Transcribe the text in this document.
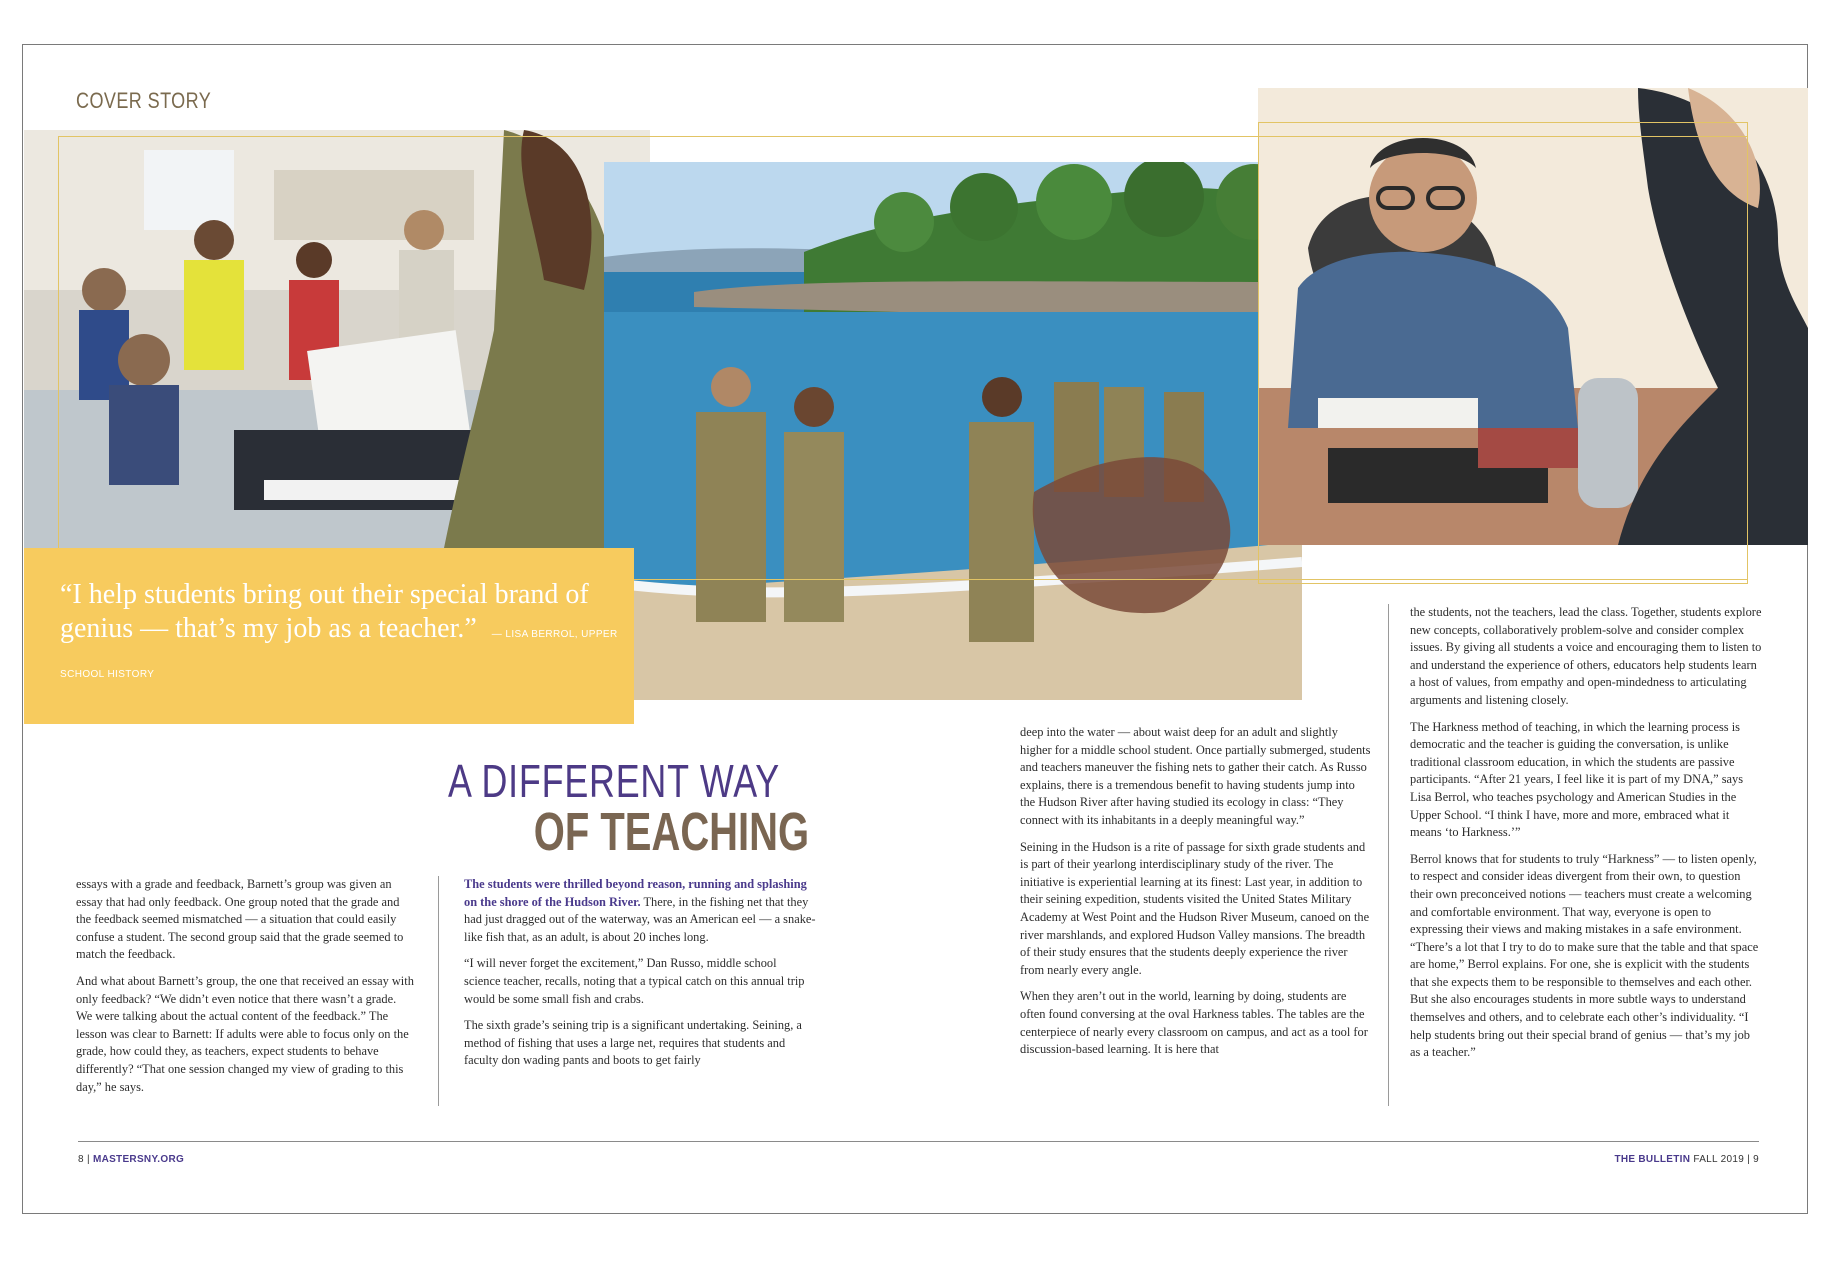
COVER STORY
“I help students bring out their special brand of genius — that’s my job as a teacher.” — LISA BERROL, UPPER SCHOOL HISTORY
A DIFFERENT WAY
OF TEACHING

essays with a grade and feedback, Barnett’s group was given an essay that had only feedback. One group noted that the grade and the feedback seemed mismatched — a situation that could easily confuse a student. The second group said that the grade seemed to match the feedback.

And what about Barnett’s group, the one that received an essay with only feedback? “We didn’t even notice that there wasn’t a grade. We were talking about the actual content of the feedback.” The lesson was clear to Barnett: If adults were able to focus only on the grade, how could they, as teachers, expect students to behave differently? “That one session changed my view of grading to this day,” he says.

The students were thrilled beyond reason, running and splashing on the shore of the Hudson River. There, in the fishing net that they had just dragged out of the waterway, was an American eel — a snake-like fish that, as an adult, is about 20 inches long.

“I will never forget the excitement,” Dan Russo, middle school science teacher, recalls, noting that a typical catch on this annual trip would be some small fish and crabs.

The sixth grade’s seining trip is a significant undertaking. Seining, a method of fishing that uses a large net, requires that students and faculty don wading pants and boots to get fairly

deep into the water — about waist deep for an adult and slightly higher for a middle school student. Once partially submerged, students and teachers maneuver the fishing nets to gather their catch. As Russo explains, there is a tremendous benefit to having students jump into the Hudson River after having studied its ecology in class: “They connect with its inhabitants in a deeply meaningful way.”

Seining in the Hudson is a rite of passage for sixth grade students and is part of their yearlong interdisciplinary study of the river. The initiative is experiential learning at its finest: Last year, in addition to their seining expedition, students visited the United States Military Academy at West Point and the Hudson River Museum, canoed on the river marshlands, and explored Hudson Valley mansions. The breadth of their study ensures that the students deeply experience the river from nearly every angle.

When they aren’t out in the world, learning by doing, students are often found conversing at the oval Harkness tables. The tables are the centerpiece of nearly every classroom on campus, and act as a tool for discussion-based learning. It is here that

the students, not the teachers, lead the class. Together, students explore new concepts, collaboratively problem-solve and consider complex issues. By giving all students a voice and encouraging them to listen to and understand the experience of others, educators help students learn a host of values, from empathy and open-mindedness to articulating arguments and listening closely.

The Harkness method of teaching, in which the learning process is democratic and the teacher is guiding the conversation, is unlike traditional classroom education, in which the students are passive participants. “After 21 years, I feel like it is part of my DNA,” says Lisa Berrol, who teaches psychology and American Studies in the Upper School. “I think I have, more and more, embraced what it means ‘to Harkness.’”

Berrol knows that for students to truly “Harkness” — to listen openly, to respect and consider ideas divergent from their own, to question their own preconceived notions — teachers must create a welcoming and comfortable environment. That way, everyone is open to expressing their views and making mistakes in a safe environment. “There’s a lot that I try to do to make sure that the table and that space are home,” Berrol explains. For one, she is explicit with the students that she expects them to be responsible to themselves and each other. But she also encourages students in more subtle ways to understand themselves and others, and to celebrate each other’s individuality. “I help students bring out their special brand of genius — that’s my job as a teacher.”

8 | MASTERSNY.ORG	THE BULLETIN FALL 2019 | 9
